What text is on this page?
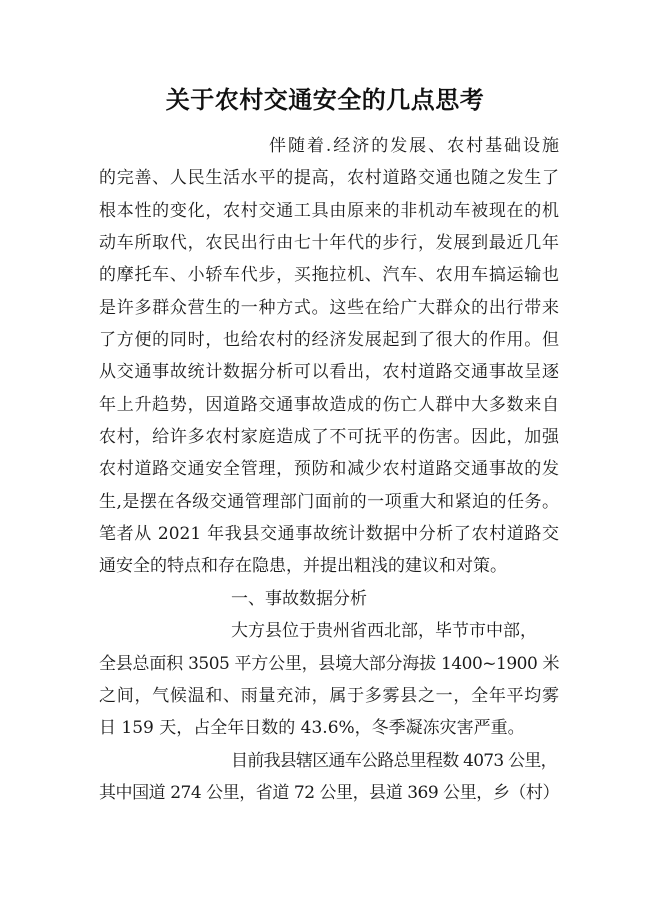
关于农村交通安全的几点思考
伴随着.经济的发展、农村基础设施
的完善、人民生活水平的提高，农村道路交通也随之发生了
根本性的变化，农村交通工具由原来的非机动车被现在的机
动车所取代，农民出行由七十年代的步行，发展到最近几年
的摩托车、小轿车代步，买拖拉机、汽车、农用车搞运输也
是许多群众营生的一种方式。这些在给广大群众的出行带来
了方便的同时，也给农村的经济发展起到了很大的作用。但
从交通事故统计数据分析可以看出，农村道路交通事故呈逐
年上升趋势，因道路交通事故造成的伤亡人群中大多数来自
农村，给许多农村家庭造成了不可抚平的伤害。因此，加强
农村道路交通安全管理，预防和减少农村道路交通事故的发
生,是摆在各级交通管理部门面前的一项重大和紧迫的任务。
笔者从 2021 年我县交通事故统计数据中分析了农村道路交
通安全的特点和存在隐患，并提出粗浅的建议和对策。
一、事故数据分析
大方县位于贵州省西北部，毕节市中部，
全县总面积 3505 平方公里，县境大部分海拔 1400~1900 米
之间，气候温和、雨量充沛，属于多雾县之一，全年平均雾
日 159 天，占全年日数的 43.6%，冬季凝冻灾害严重。
目前我县辖区通车公路总里程数 4073 公里，
其中国道 274 公里，省道 72 公里，县道 369 公里，乡（村）
